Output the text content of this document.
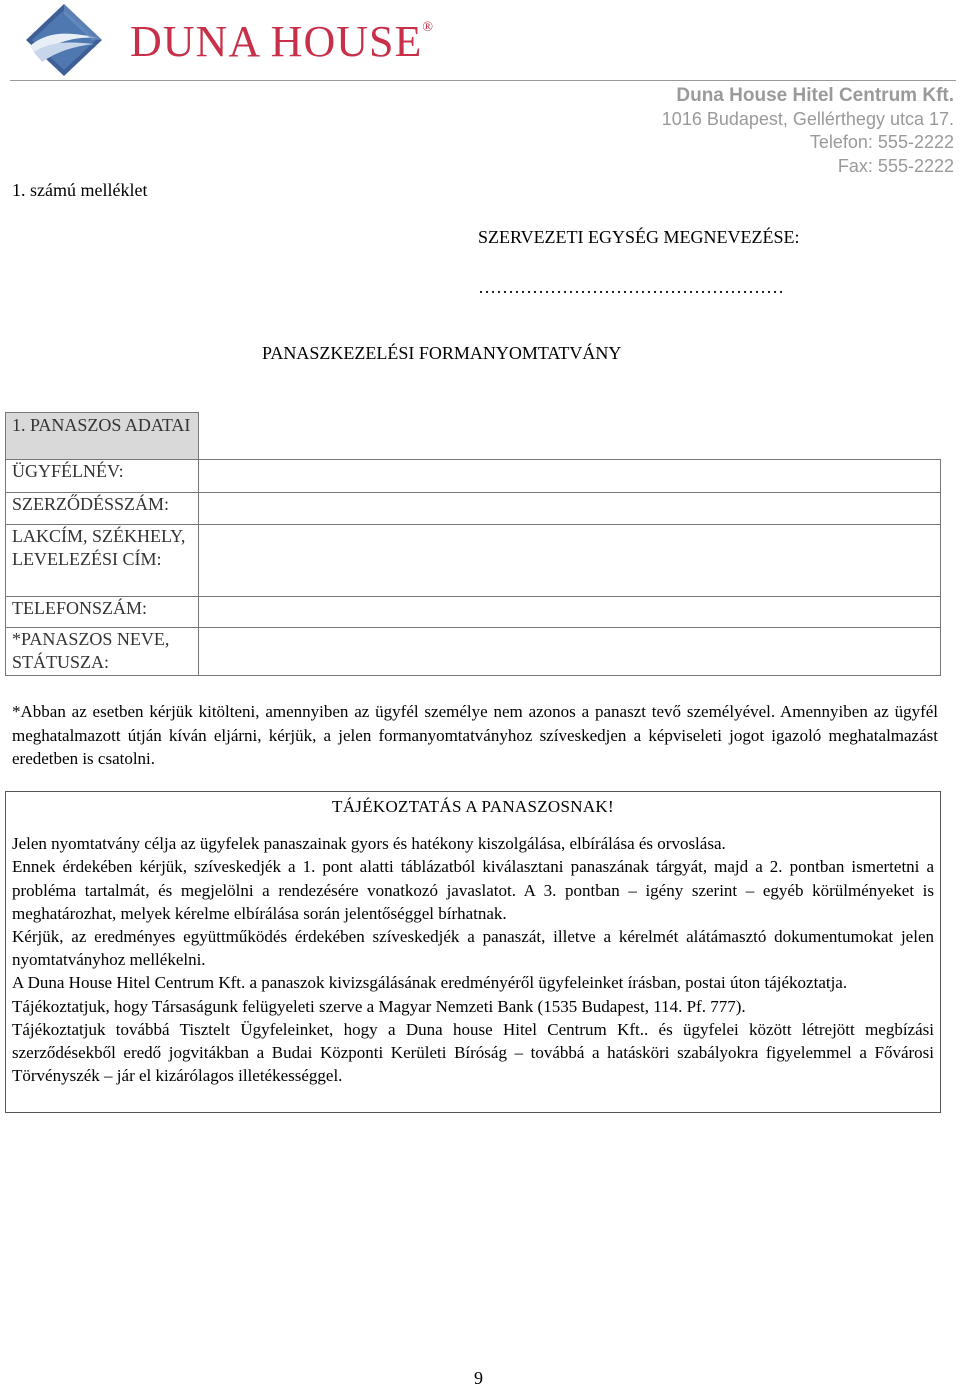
DUNA HOUSE®
Duna House Hitel Centrum Kft.
1016 Budapest, Gellérthegy utca 17.
Telefon: 555-2222
Fax: 555-2222
1. számú melléklet
SZERVEZETI EGYSÉG MEGNEVEZÉSE:
……………………………………………
PANASZKEZELÉSI FORMANYOMTATVÁNY
1. PANASZOS ADATAI	
ÜGYFÉLNÉV:	
SZERZŐDÉSSZÁM:	
LAKCÍM, SZÉKHELY, LEVELEZÉSI CÍM:	
TELEFONSZÁM:	
*PANASZOS NEVE, STÁTUSZA:	
*Abban az esetben kérjük kitölteni, amennyiben az ügyfél személye nem azonos a panaszt tevő személyével. Amennyiben az ügyfél meghatalmazott útján kíván eljárni, kérjük, a jelen formanyomtatványhoz szíveskedjen a képviseleti jogot igazoló meghatalmazást eredetben is csatolni.
TÁJÉKOZTATÁS A PANASZOSNAK!

Jelen nyomtatvány célja az ügyfelek panaszainak gyors és hatékony kiszolgálása, elbírálása és orvoslása.

Ennek érdekében kérjük, szíveskedjék a 1. pont alatti táblázatból kiválasztani panaszának tárgyát, majd a 2. pontban ismertetni a probléma tartalmát, és megjelölni a rendezésére vonatkozó javaslatot. A 3. pontban – igény szerint – egyéb körülményeket is meghatározhat, melyek kérelme elbírálása során jelentőséggel bírhatnak.

Kérjük, az eredményes együttműködés érdekében szíveskedjék a panaszát, illetve a kérelmét alátámasztó dokumentumokat jelen nyomtatványhoz mellékelni.

A Duna House Hitel Centrum Kft. a panaszok kivizsgálásának eredményéről ügyfeleinket írásban, postai úton tájékoztatja.

Tájékoztatjuk, hogy Társaságunk felügyeleti szerve a Magyar Nemzeti Bank (1535 Budapest, 114. Pf. 777).

Tájékoztatjuk továbbá Tisztelt Ügyfeleinket, hogy a Duna house Hitel Centrum Kft.. és ügyfelei között létrejött megbízási szerződésekből eredő jogvitákban a Budai Központi Kerületi Bíróság – továbbá a hatásköri szabályokra figyelemmel a Fővárosi Törvényszék – jár el kizárólagos illetékességgel.

9
